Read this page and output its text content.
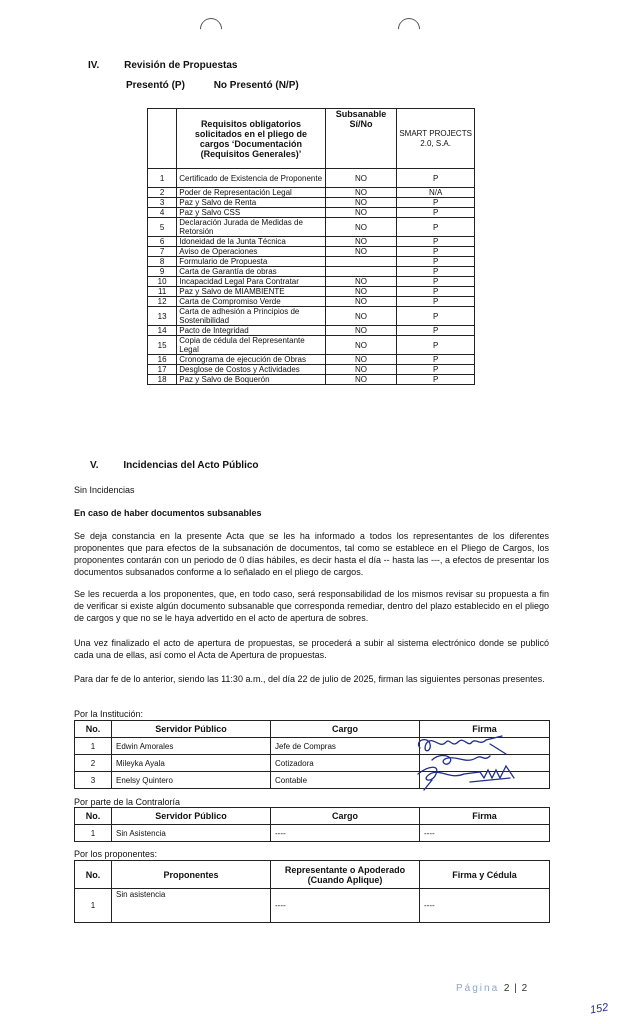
IV. Revisión de Propuestas
Presentó (P)	No Presentó (N/P)
	Requisitos obligatorios solicitados en el pliego de cargos ‘Documentación (Requisitos Generales)’	Subsanable Sí/No	SMART PROJECTS 2.0, S.A.
1	Certificado de Existencia de Proponente	NO	P
2	Poder de Representación Legal	NO	N/A
3	Paz y Salvo de Renta	NO	P
4	Paz y Salvo CSS	NO	P
5	Declaración Jurada de Medidas de Retorsión	NO	P
6	Idoneidad de la Junta Técnica	NO	P
7	Aviso de Operaciones	NO	P
8	Formulario de Propuesta		P
9	Carta de Garantía de obras		P
10	Incapacidad Legal Para Contratar	NO	P
11	Paz y Salvo de MIAMBIENTE	NO	P
12	Carta de Compromiso Verde	NO	P
13	Carta de adhesión a Principios de Sostenibilidad	NO	P
14	Pacto de Integridad	NO	P
15	Copia de cédula del Representante Legal	NO	P
16	Cronograma de ejecución de Obras	NO	P
17	Desglose de Costos y Actividades	NO	P
18	Paz y Salvo de Boquerón	NO	P
V. Incidencias del Acto Público
Sin Incidencias
En caso de haber documentos subsanables
Se deja constancia en la presente Acta que se les ha informado a todos los representantes de los diferentes proponentes que para efectos de la subsanación de documentos, tal como se establece en el Pliego de Cargos, los proponentes contarán con un periodo de 0 días hábiles, es decir hasta el día -- hasta las ---, a efectos de presentar los documentos subsanados conforme a lo señalado en el pliego de cargos.
Se les recuerda a los proponentes, que, en todo caso, será responsabilidad de los mismos revisar su propuesta a fin de verificar si existe algún documento subsanable que corresponda remediar, dentro del plazo establecido en el pliego de cargos y que no se le haya advertido en el acto de apertura de sobres.
Una vez finalizado el acto de apertura de propuestas, se procederá a subir al sistema electrónico donde se publicó cada una de ellas, así como el Acta de Apertura de propuestas.
Para dar fe de lo anterior, siendo las 11:30 a.m., del día 22 de julio de 2025, firman las siguientes personas presentes.
Por la Institución:
No.	Servidor Público	Cargo	Firma
1	Edwin Amorales	Jefe de Compras	
2	Mileyka Ayala	Cotizadora	
3	Enelsy Quintero	Contable	
Por parte de la Contraloría
No.	Servidor Público	Cargo	Firma
1	Sin Asistencia	----	----
Por los proponentes:
No.	Proponentes	Representante o Apoderado (Cuando Aplique)	Firma y Cédula
1	Sin asistencia	----	----
Página 2 | 2
152
